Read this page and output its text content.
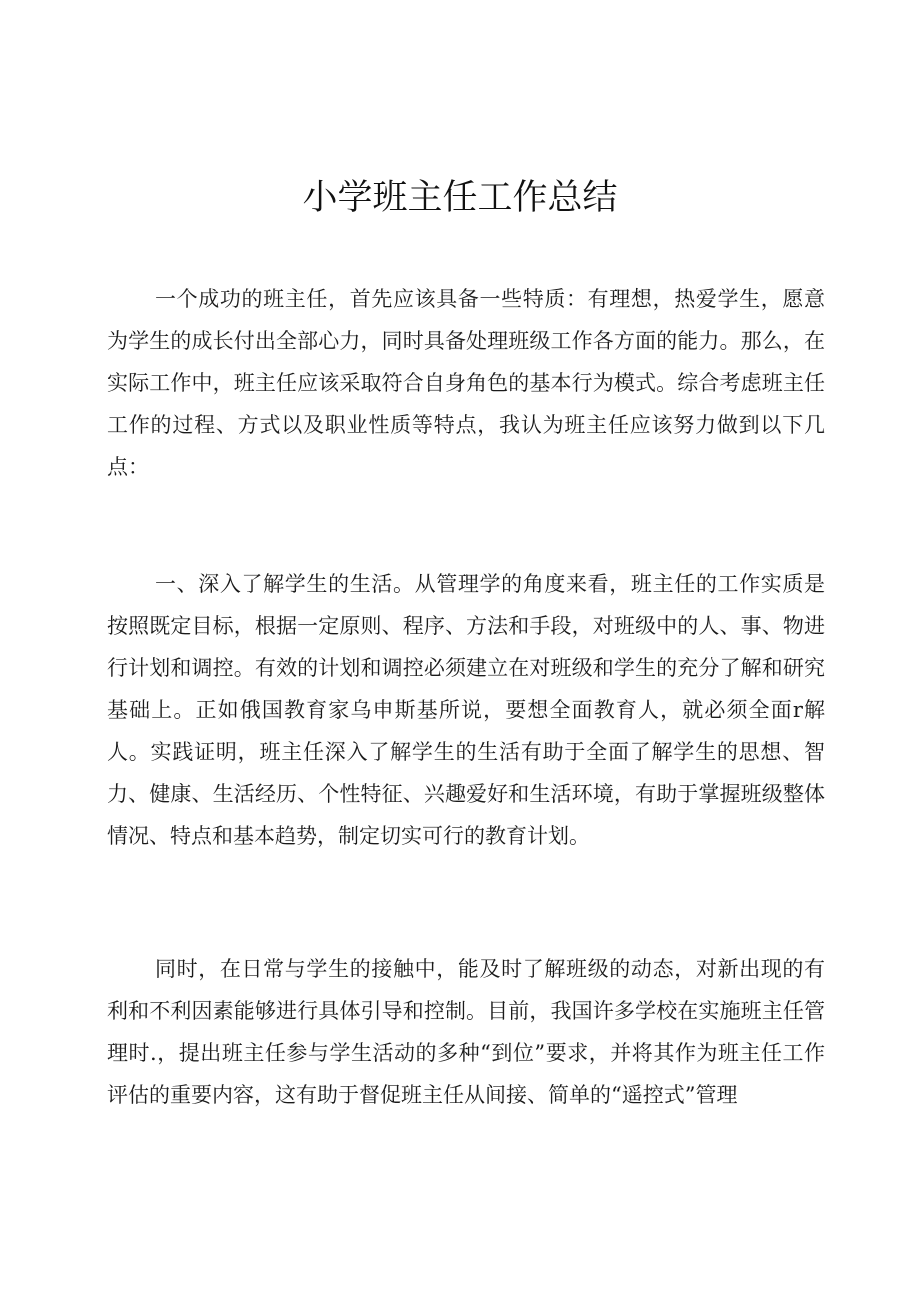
小学班主任工作总结

一个成功的班主任，首先应该具备一些特质：有理想，热爱学生，愿意为学生的成长付出全部心力，同时具备处理班级工作各方面的能力。那么，在实际工作中，班主任应该采取符合自身角色的基本行为模式。综合考虑班主任工作的过程、方式以及职业性质等特点，我认为班主任应该努力做到以下几点：

一、深入了解学生的生活。从管理学的角度来看，班主任的工作实质是按照既定目标，根据一定原则、程序、方法和手段，对班级中的人、事、物进行计划和调控。有效的计划和调控必须建立在对班级和学生的充分了解和研究基础上。正如俄国教育家乌申斯基所说，要想全面教育人，就必须全面r解人。实践证明，班主任深入了解学生的生活有助于全面了解学生的思想、智力、健康、生活经历、个性特征、兴趣爱好和生活环境，有助于掌握班级整体情况、特点和基本趋势，制定切实可行的教育计划。

同时，在日常与学生的接触中，能及时了解班级的动态，对新出现的有利和不利因素能够进行具体引导和控制。目前，我国许多学校在实施班主任管理时.，提出班主任参与学生活动的多种“到位”要求，并将其作为班主任工作评估的重要内容，这有助于督促班主任从间接、简单的“遥控式”管理
